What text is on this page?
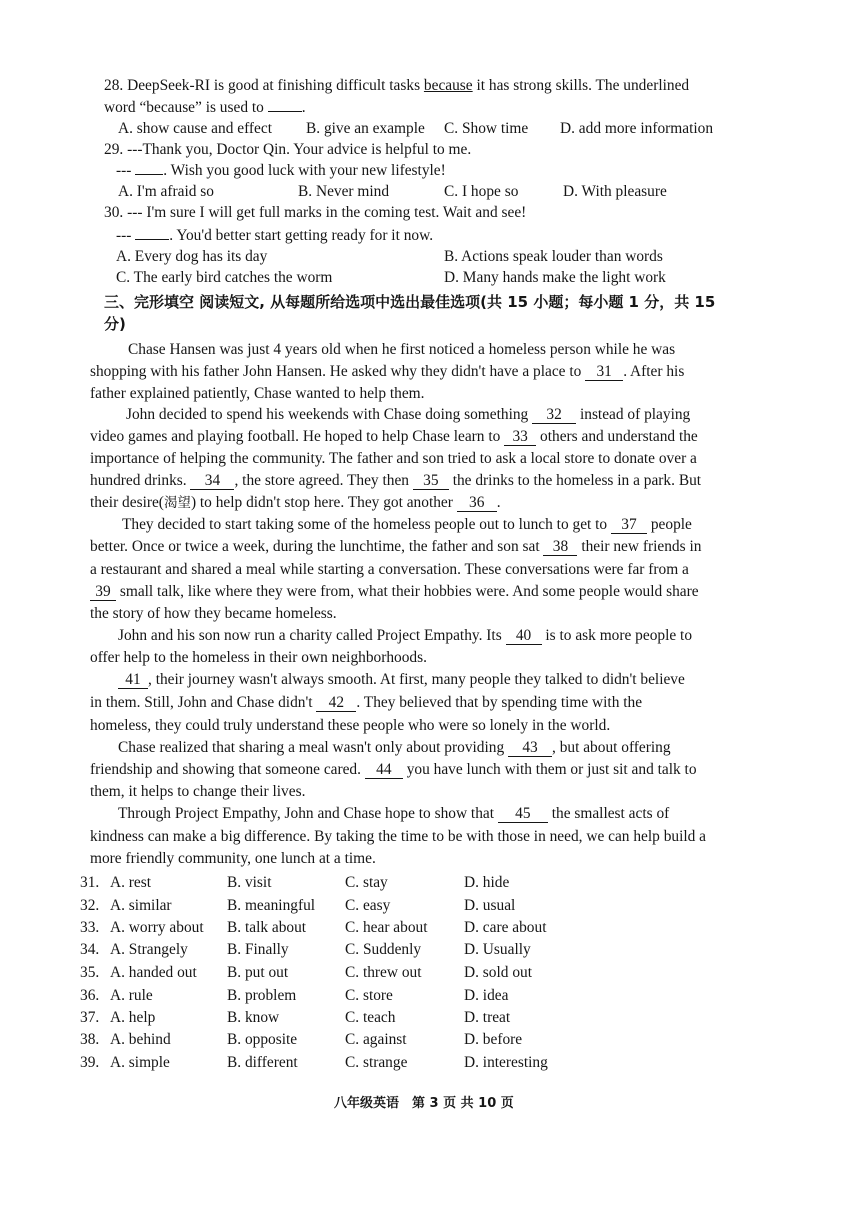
28. DeepSeek-RI is good at finishing difficult tasks because it has strong skills. The underlined
word “because” is used to .
A. show cause and effect B. give an example C. Show time D. add more information
29. ---Thank you, Doctor Qin. Your advice is helpful to me.
--- . Wish you good luck with your new lifestyle!
A. I'm afraid so	B. Never mind	C. I hope so	D. With pleasure
30. --- I'm sure I will get full marks in the coming test. Wait and see!
--- . You'd better start getting ready for it now.
A. Every dog has its day	B. Actions speak louder than words
C. The early bird catches the worm	D. Many hands make the light work
三、完形填空 阅读短文, 从每题所给选项中选出最佳选项(共 15 小题；每小题 1 分，共 15
分)
Chase Hansen was just 4 years old when he first noticed a homeless person while he was
shopping with his father John Hansen. He asked why they didn't have a place to 31 . After his
father explained patiently, Chase wanted to help them.
John decided to spend his weekends with Chase doing something 32 instead of playing
video games and playing football. He hoped to help Chase learn to 33 others and understand the
importance of helping the community. The father and son tried to ask a local store to donate over a
hundred drinks. 34 , the store agreed. They then 35 the drinks to the homeless in a park. But
their desire(渴望) to help didn't stop here. They got another 36 .
They decided to start taking some of the homeless people out to lunch to get to 37 people
better. Once or twice a week, during the lunchtime, the father and son sat 38 their new friends in
a restaurant and shared a meal while starting a conversation. These conversations were far from a
39 small talk, like where they were from, what their hobbies were. And some people would share
the story of how they became homeless.
John and his son now run a charity called Project Empathy. Its 40 is to ask more people to
offer help to the homeless in their own neighborhoods.
41 , their journey wasn't always smooth. At first, many people they talked to didn't believe
in them. Still, John and Chase didn't 42 . They believed that by spending time with the
homeless, they could truly understand these people who were so lonely in the world.
Chase realized that sharing a meal wasn't only about providing 43 , but about offering
friendship and showing that someone cared. 44 you have lunch with them or just sit and talk to
them, it helps to change their lives.
Through Project Empathy, John and Chase hope to show that 45 the smallest acts of
kindness can make a big difference. By taking the time to be with those in need, we can help build a
more friendly community, one lunch at a time.
31. A. rest	B. visit	C. stay	D. hide
32. A. similar	B. meaningful C. easy	D. usual
33. A. worry about B. talk about	C. hear about D. care about
34. A. Strangely	B. Finally	C. Suddenly	D. Usually
35. A. handed out B. put out	C. threw out	D. sold out
36. A. rule	B. problem	C. store	D. idea
37. A. help	B. know	C. teach	D. treat
38. A. behind	B. opposite	C. against	D. before
39. A. simple	B. different	C. strange	D. interesting
八年级英语　第 3 页 共 10 页
